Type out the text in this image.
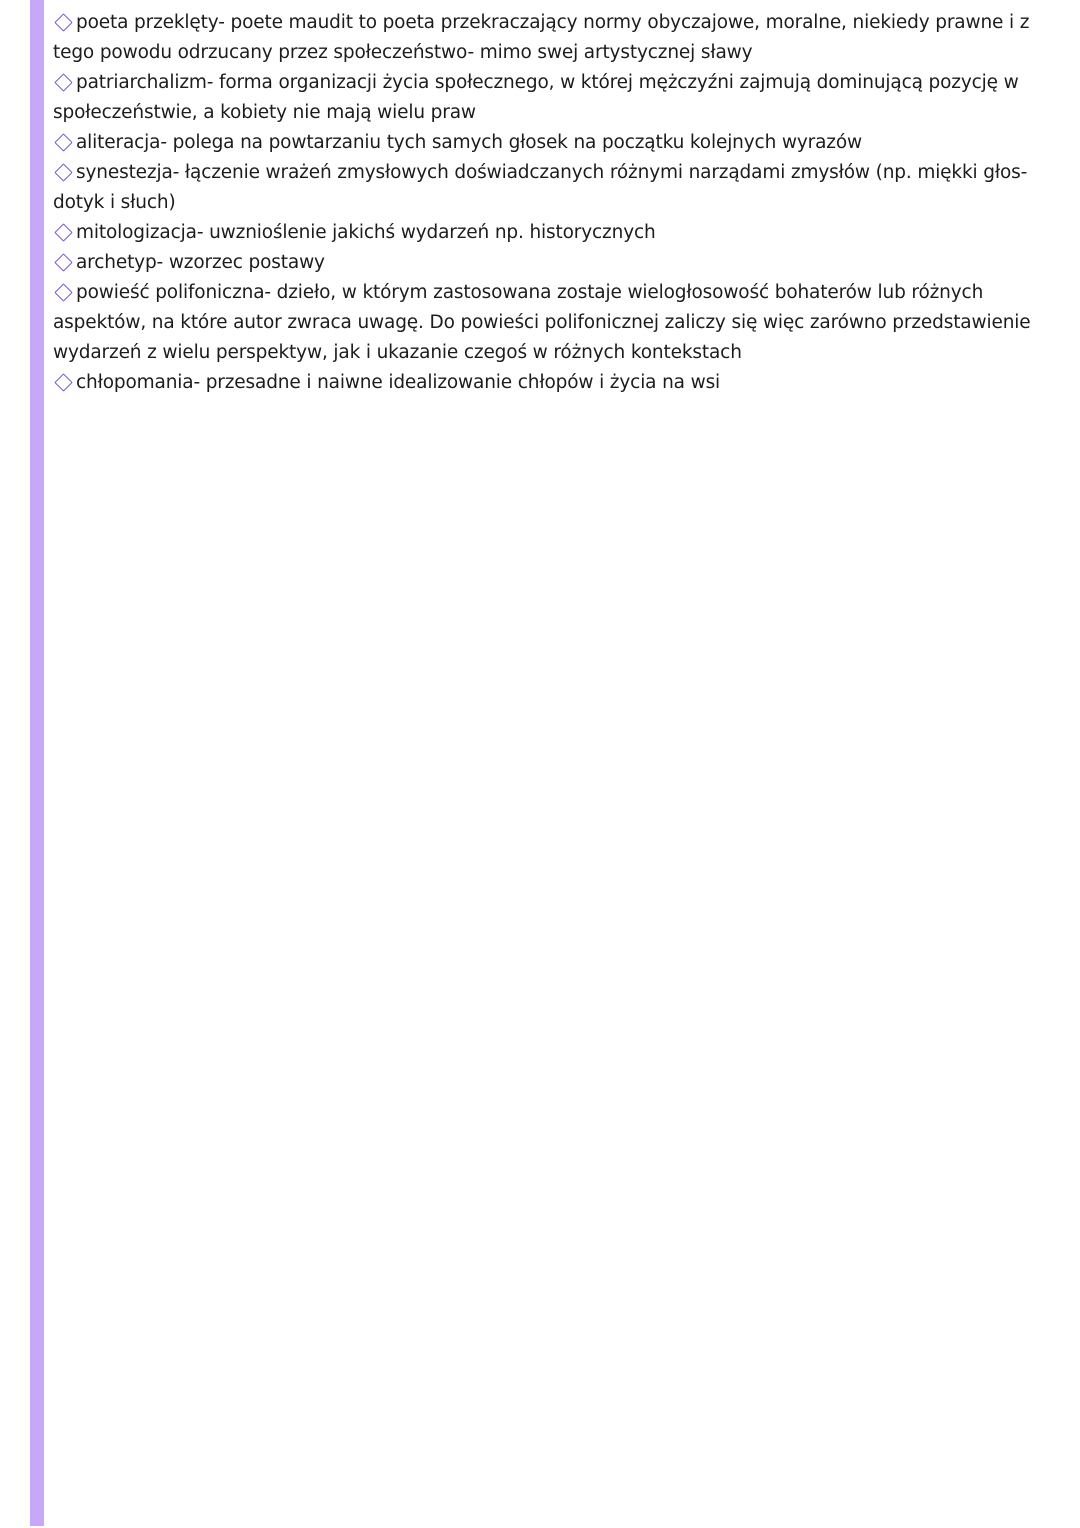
poeta przeklęty- poete maudit to poeta przekraczający normy obyczajowe, moralne, niekiedy prawne i z tego powodu odrzucany przez społeczeństwo- mimo swej artystycznej sławy

patriarchalizm- forma organizacji życia społecznego, w której mężczyźni zajmują dominującą pozycję w społeczeństwie, a kobiety nie mają wielu praw

aliteracja- polega na powtarzaniu tych samych głosek na początku kolejnych wyrazów

synestezja- łączenie wrażeń zmysłowych doświadczanych różnymi narządami zmysłów (np. miękki głos- dotyk i słuch)

mitologizacja- uwznioślenie jakichś wydarzeń np. historycznych

archetyp- wzorzec postawy

powieść polifoniczna- dzieło, w którym zastosowana zostaje wielogłosowość bohaterów lub różnych aspektów, na które autor zwraca uwagę. Do powieści polifonicznej zaliczy się więc zarówno przedstawienie wydarzeń z wielu perspektyw, jak i ukazanie czegoś w różnych kontekstach

chłopomania- przesadne i naiwne idealizowanie chłopów i życia na wsi
